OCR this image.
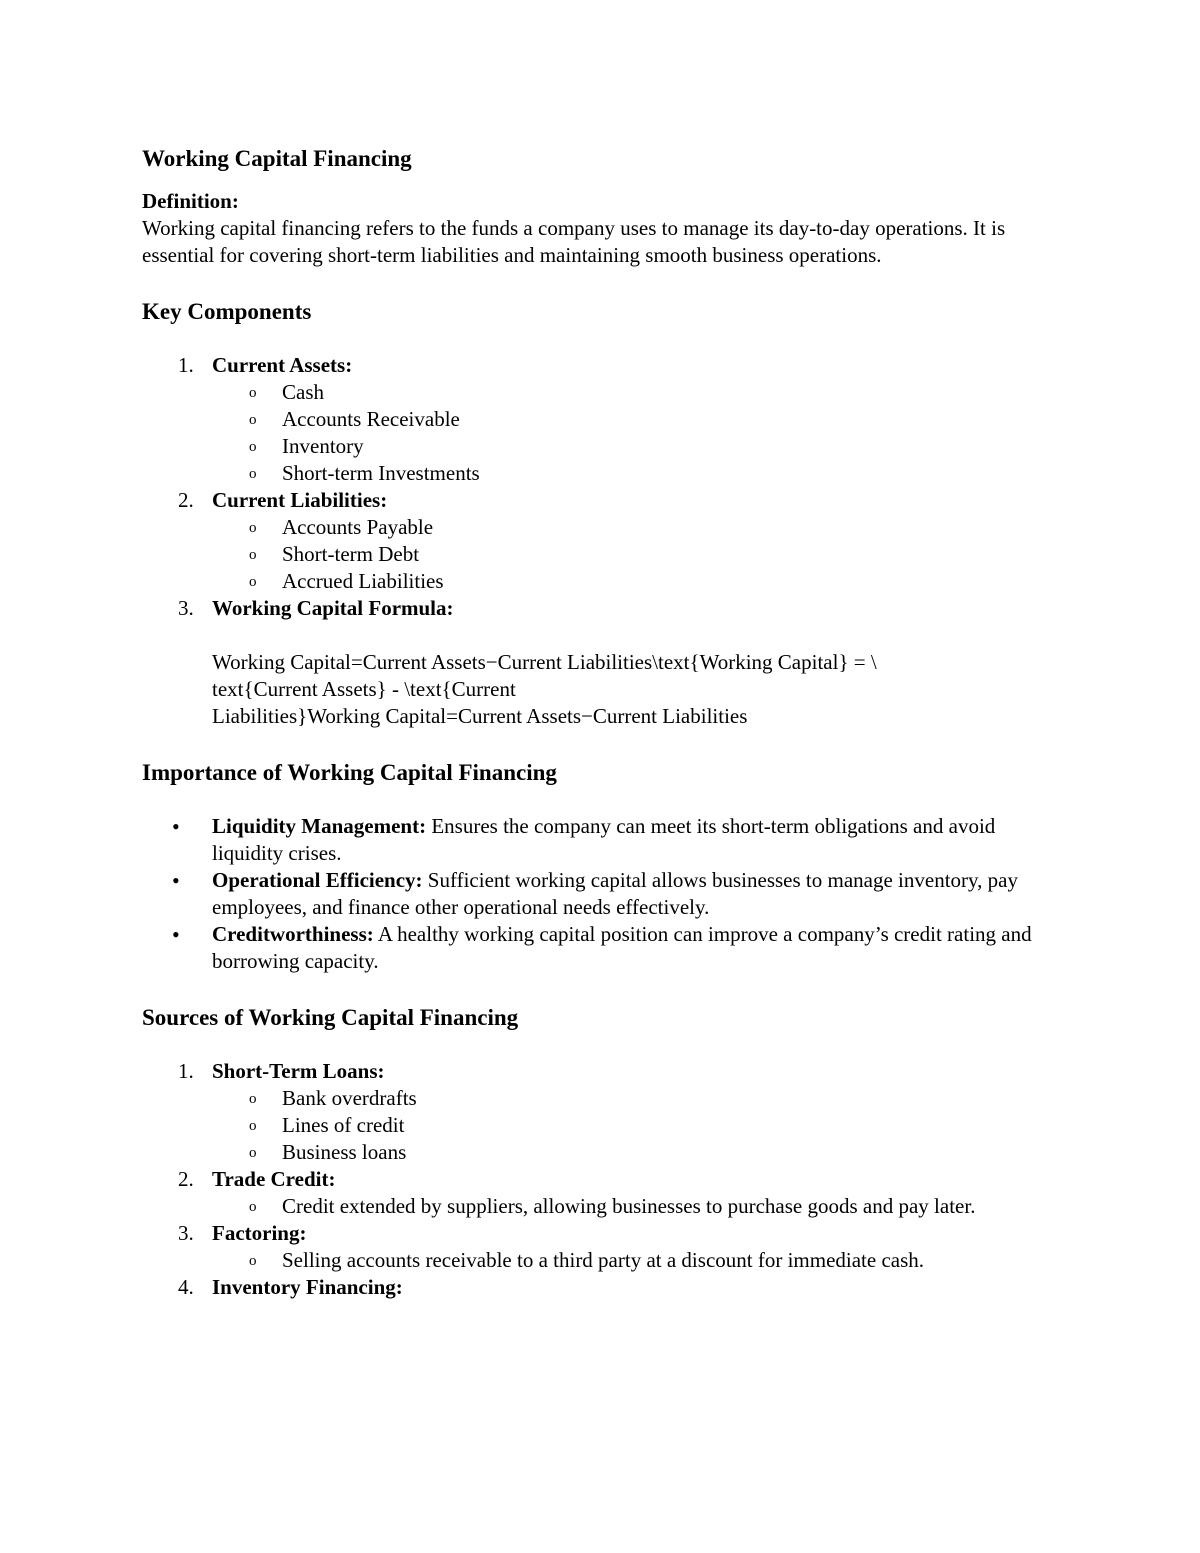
Working Capital Financing
Definition:

Working capital financing refers to the funds a company uses to manage its day-to-day operations. It is essential for covering short-term liabilities and maintaining smooth business operations.

Key Components
1. Current Assets:
o Cash
o Accounts Receivable
o Inventory
o Short-term Investments
2. Current Liabilities:
o Accounts Payable
o Short-term Debt
o Accrued Liabilities
3. Working Capital Formula:
Working Capital=Current Assets−Current Liabilities\text{Working Capital} = \
text{Current Assets} - \text{Current
Liabilities}Working Capital=Current Assets−Current Liabilities
Importance of Working Capital Financing
• Liquidity Management: Ensures the company can meet its short-term obligations and avoid liquidity crises.
• Operational Efficiency: Sufficient working capital allows businesses to manage inventory, pay employees, and finance other operational needs effectively.
• Creditworthiness: A healthy working capital position can improve a company’s credit rating and borrowing capacity.
Sources of Working Capital Financing
1. Short-Term Loans:
o Bank overdrafts
o Lines of credit
o Business loans
2. Trade Credit:
o Credit extended by suppliers, allowing businesses to purchase goods and pay later.
3. Factoring:
o Selling accounts receivable to a third party at a discount for immediate cash.
4. Inventory Financing:
